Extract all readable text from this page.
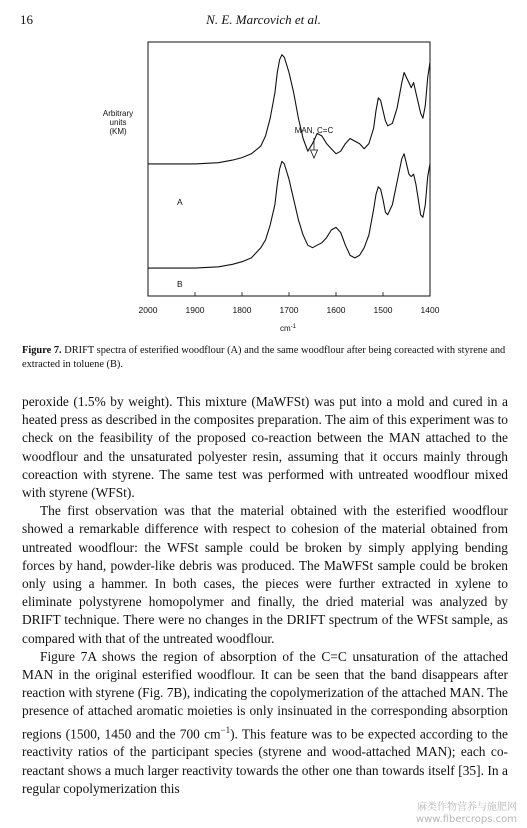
16	N. E. Marcovich et al.
Arbitrary
units
(KM)	MAN, C=C
A
B
$cm^{-1}$
2000	1900	1800	1700	1600	1500	1400
Figure 7. DRIFT spectra of esterified woodflour (A) and the same woodflour after being coreacted with styrene and extracted in toluene (B).

peroxide (1.5% by weight). This mixture (MaWFSt) was put into a mold and cured in a heated press as described in the composites preparation. The aim of this experiment was to check on the feasibility of the proposed co-reaction between the MAN attached to the woodflour and the unsaturated polyester resin, assuming that it occurs mainly through coreaction with styrene. The same test was performed with untreated woodflour mixed with styrene (WFSt).

The first observation was that the material obtained with the esterified woodflour showed a remarkable difference with respect to cohesion of the material obtained from untreated woodflour: the WFSt sample could be broken by simply applying bending forces by hand, powder-like debris was produced. The MaWFSt sample could be broken only using a hammer. In both cases, the pieces were further extracted in xylene to eliminate polystyrene homopolymer and finally, the dried material was analyzed by DRIFT technique. There were no changes in the DRIFT spectrum of the WFSt sample, as compared with that of the untreated woodflour.

Figure 7A shows the region of absorption of the C=C unsaturation of the attached MAN in the original esterified woodflour. It can be seen that the band disappears after reaction with styrene (Fig. 7B), indicating the copolymerization of the attached MAN. The presence of attached aromatic moieties is only insinuated in the corresponding absorption regions (1500, 1450 and the 700 $cm^{-1}$). This feature was to be expected according to the reactivity ratios of the participant species (styrene and wood-attached MAN); each co-reactant shows a much larger reactivity towards the other one than towards itself [35]. In a regular copolymerization this

麻类作物营养与施肥网
www.fibercrops.com
